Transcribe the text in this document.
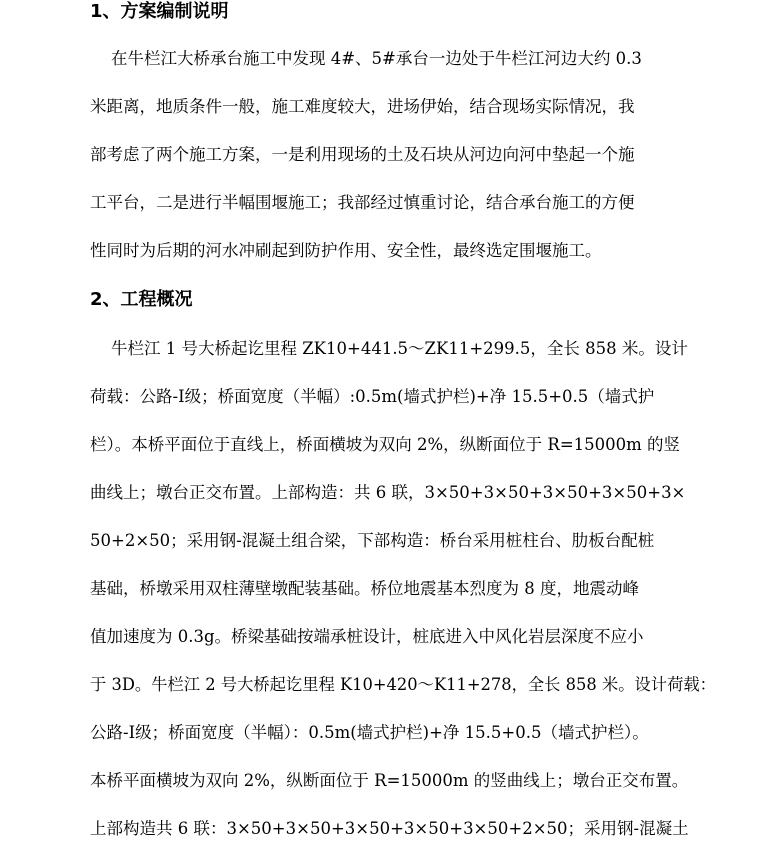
1、方案编制说明
在牛栏江大桥承台施工中发现 4#、5#承台一边处于牛栏江河边大约 0.3
米距离，地质条件一般，施工难度较大，进场伊始，结合现场实际情况，我
部考虑了两个施工方案，一是利用现场的土及石块从河边向河中垫起一个施
工平台，二是进行半幅围堰施工；我部经过慎重讨论，结合承台施工的方便
性同时为后期的河水冲刷起到防护作用、安全性，最终选定围堰施工。
2、工程概况
牛栏江 1 号大桥起讫里程 ZK10+441.5～ZK11+299.5，全长 858 米。设计
荷载：公路-Ⅰ级；桥面宽度（半幅）:0.5m(墙式护栏)+净 15.5+0.5（墙式护
栏）。本桥平面位于直线上，桥面横坡为双向 2%，纵断面位于 R=15000m 的竖
曲线上；墩台正交布置。上部构造：共 6 联，3×50+3×50+3×50+3×50+3×
50+2×50；采用钢-混凝土组合梁，下部构造：桥台采用桩柱台、肋板台配桩
基础，桥墩采用双柱薄壁墩配装基础。桥位地震基本烈度为 8 度，地震动峰
值加速度为 0.3g。桥梁基础按端承桩设计，桩底进入中风化岩层深度不应小
于 3D。牛栏江 2 号大桥起讫里程 K10+420～K11+278，全长 858 米。设计荷载：
公路-Ⅰ级；桥面宽度（半幅）：0.5m(墙式护栏)+净 15.5+0.5（墙式护栏）。
本桥平面横坡为双向 2%，纵断面位于 R=15000m 的竖曲线上；墩台正交布置。
上部构造共 6 联：3×50+3×50+3×50+3×50+3×50+2×50；采用钢-混凝土
